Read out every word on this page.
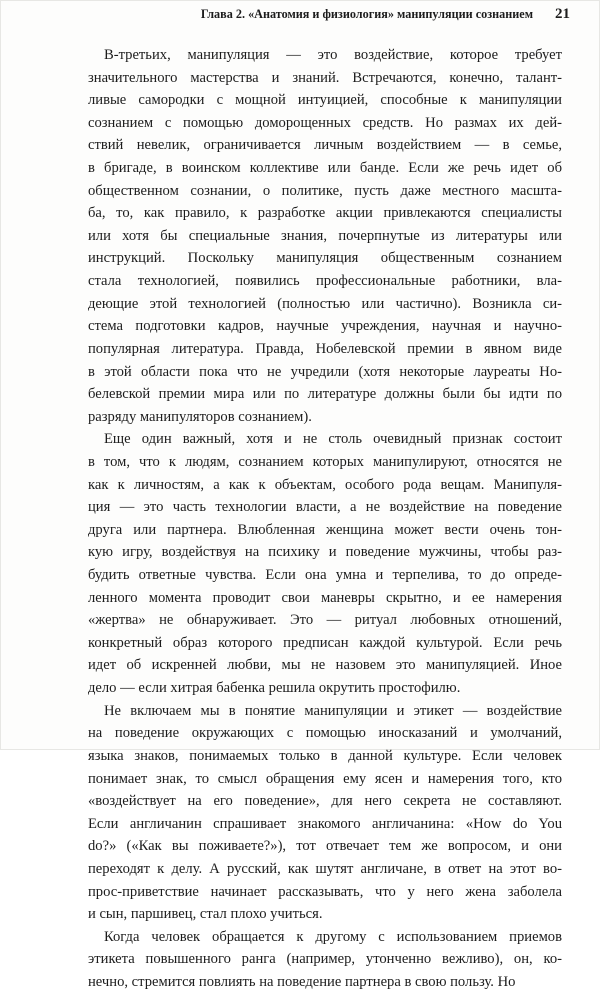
Глава 2. «Анатомия и физиология» манипуляции сознанием 21
В-третьих, манипуляция — это воздействие, которое требует
значительного мастерства и знаний. Встречаются, конечно, талант-
ливые самородки с мощной интуицией, способные к манипуляции
сознанием с помощью доморощенных средств. Но размах их дей-
ствий невелик, ограничивается личным воздействием — в семье,
в бригаде, в воинском коллективе или банде. Если же речь идет об
общественном сознании, о политике, пусть даже местного масшта-
ба, то, как правило, к разработке акции привлекаются специалисты
или хотя бы специальные знания, почерпнутые из литературы или
инструкций. Поскольку манипуляция общественным сознанием
стала технологией, появились профессиональные работники, вла-
деющие этой технологией (полностью или частично). Возникла си-
стема подготовки кадров, научные учреждения, научная и научно-
популярная литература. Правда, Нобелевской премии в явном виде
в этой области пока что не учредили (хотя некоторые лауреаты Но-
белевской премии мира или по литературе должны были бы идти по
разряду манипуляторов сознанием).
Еще один важный, хотя и не столь очевидный признак состоит
в том, что к людям, сознанием которых манипулируют, относятся не
как к личностям, а как к объектам, особого рода вещам. Манипуля-
ция — это часть технологии власти, а не воздействие на поведение
друга или партнера. Влюбленная женщина может вести очень тон-
кую игру, воздействуя на психику и поведение мужчины, чтобы раз-
будить ответные чувства. Если она умна и терпелива, то до опреде-
ленного момента проводит свои маневры скрытно, и ее намерения
«жертва» не обнаруживает. Это — ритуал любовных отношений,
конкретный образ которого предписан каждой культурой. Если речь
идет об искренней любви, мы не назовем это манипуляцией. Иное
дело — если хитрая бабенка решила окрутить простофилю.
Не включаем мы в понятие манипуляции и этикет — воздействие
на поведение окружающих с помощью иносказаний и умолчаний,
языка знаков, понимаемых только в данной культуре. Если человек
понимает знак, то смысл обращения ему ясен и намерения того, кто
«воздействует на его поведение», для него секрета не составляют.
Если англичанин спрашивает знакомого англичанина: «How do You
do?» («Как вы поживаете?»), тот отвечает тем же вопросом, и они
переходят к делу. А русский, как шутят англичане, в ответ на этот во-
прос-приветствие начинает рассказывать, что у него жена заболела
и сын, паршивец, стал плохо учиться.
Когда человек обращается к другому с использованием приемов
этикета повышенного ранга (например, утонченно вежливо), он, ко-
нечно, стремится повлиять на поведение партнера в свою пользу. Но
